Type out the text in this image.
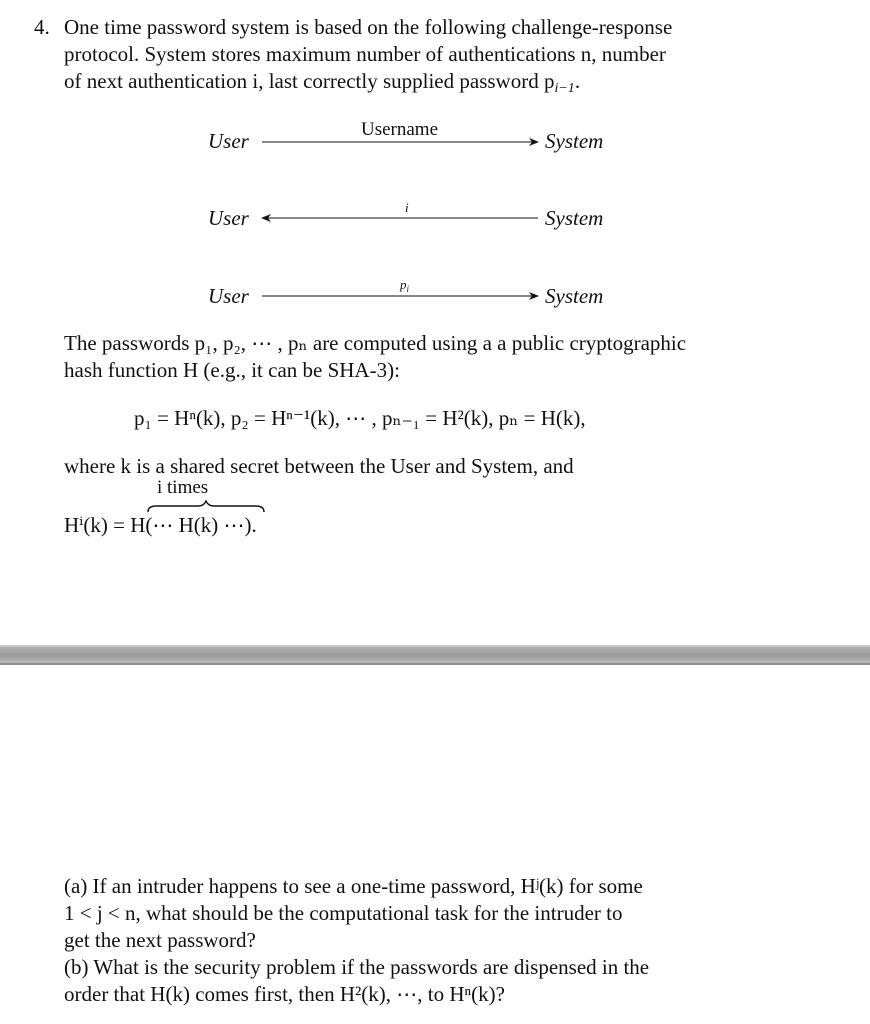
4. One time password system is based on the following challenge-response
protocol. System stores maximum number of authentications n, number
of next authentication i, last correctly supplied password $p_{i-1}$.
User	Username	System
User	i	System
User	$p_i$	System
The passwords p₁, p₂, ⋯ , pₙ are computed using a a public cryptographic
hash function H (e.g., it can be SHA-3):
p₁ = Hⁿ(k), p₂ = Hⁿ⁻¹(k), ⋯ , pₙ₋₁ = H²(k), pₙ = H(k),
where k is a shared secret between the User and System, and
i times
Hⁱ(k) = H(⋯ H(k) ⋯).
(a) If an intruder happens to see a one-time password, Hʲ(k) for some
1 < j < n, what should be the computational task for the intruder to
get the next password?
(b) What is the security problem if the passwords are dispensed in the
order that H(k) comes first, then H²(k), ⋯, to Hⁿ(k)?
